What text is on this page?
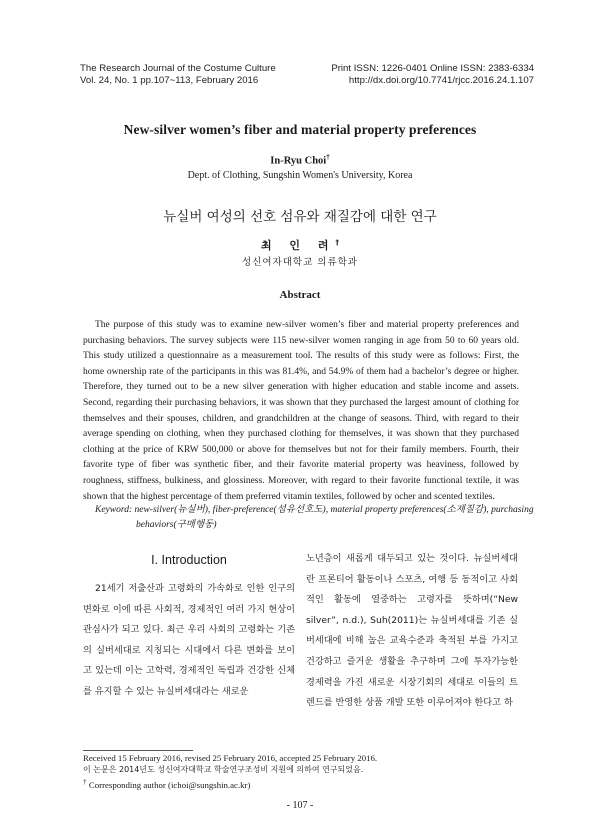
The Research Journal of the Costume Culture
Vol. 24, No. 1 pp.107~113, February 2016
Print ISSN: 1226-0401 Online ISSN: 2383-6334
http://dx.doi.org/10.7741/rjcc.2016.24.1.107
New-silver women’s fiber and material property preferences
In-Ryu Choi†
Dept. of Clothing, Sungshin Women's University, Korea
뉴실버 여성의 선호 섬유와 재질감에 대한 연구
최 인 려†
성신여자대학교 의류학과
Abstract

The purpose of this study was to examine new-silver women’s fiber and material property preferences and purchasing behaviors. The survey subjects were 115 new-silver women ranging in age from 50 to 60 years old. This study utilized a questionnaire as a measurement tool. The results of this study were as follows: First, the home ownership rate of the participants in this was 81.4%, and 54.9% of them had a bachelor’s degree or higher. Therefore, they turned out to be a new silver generation with higher education and stable income and assets. Second, regarding their purchasing behaviors, it was shown that they purchased the largest amount of clothing for themselves and their spouses, children, and grandchildren at the change of seasons. Third, with regard to their average spending on clothing, when they purchased clothing for themselves, it was shown that they purchased clothing at the price of KRW 500,000 or above for themselves but not for their family members. Fourth, their favorite type of fiber was synthetic fiber, and their favorite material property was heaviness, followed by roughness, stiffness, bulkiness, and glossiness. Moreover, with regard to their favorite functional textile, it was shown that the highest percentage of them preferred vitamin textiles, followed by ocher and scented textiles.

Keyword: new-silver(뉴실버), fiber-preference(섬유선호도), material property preferences(소재질감), purchasing behaviors(구매행동)

I. Introduction

21세기 저출산과 고령화의 가속화로 인한 인구의 변화로 이에 따른 사회적, 경제적인 여러 가지 현상이 관심사가 되고 있다. 최근 우리 사회의 고령화는 기존의 실버세대로 지칭되는 시대에서 다른 변화를 보이고 있는데 이는 고학력, 경제적인 독립과 건강한 신체를 유지할 수 있는 뉴실버세대라는 새로운

노년층이 새롭게 대두되고 있는 것이다. 뉴실버세대란 프론티어 활동이나 스포츠, 여행 등 동적이고 사회적인 활동에 열중하는 고령자를 뜻하며(“New silver”, n.d.), Suh(2011)는 뉴실버세대를 기존 실버세대에 비해 높은 교육수준과 축적된 부를 가지고 건강하고 즐거운 생활을 추구하며 그에 투자가능한 경제력을 가진 새로운 시장기회의 세대로 이들의 트렌드를 반영한 상품 개발 또한 이루어져야 한다고 하

Received 15 February 2016, revised 25 February 2016, accepted 25 February 2016.
이 논문은 2014년도 성신여자대학교 학술연구조성비 지원에 의하여 연구되었음.
† Corresponding author (ichoi@sungshin.ac.kr)
- 107 -
